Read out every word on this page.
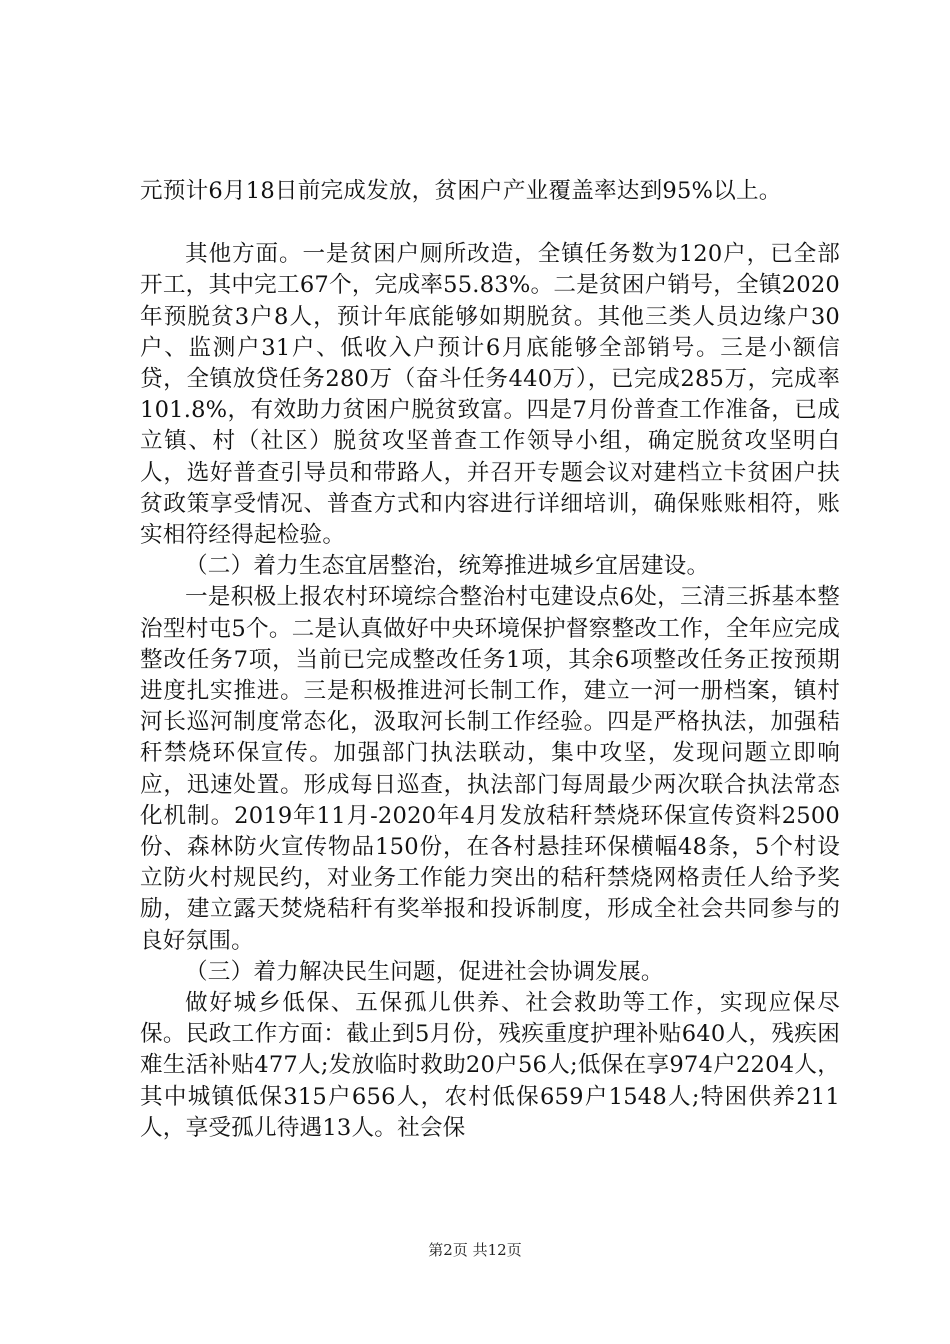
元预计6月18日前完成发放，贫困户产业覆盖率达到95%以上。

其他方面。一是贫困户厕所改造，全镇任务数为120户，已全部开工，其中完工67个，完成率55.83%。二是贫困户销号，全镇2020年预脱贫3户8人，预计年底能够如期脱贫。其他三类人员边缘户30户、监测户31户、低收入户预计6月底能够全部销号。三是小额信贷，全镇放贷任务280万（奋斗任务440万），已完成285万，完成率101.8%，有效助力贫困户脱贫致富。四是7月份普查工作准备，已成立镇、村（社区）脱贫攻坚普查工作领导小组，确定脱贫攻坚明白人，选好普查引导员和带路人，并召开专题会议对建档立卡贫困户扶贫政策享受情况、普查方式和内容进行详细培训，确保账账相符，账实相符经得起检验。

（二）着力生态宜居整治，统筹推进城乡宜居建设。

一是积极上报农村环境综合整治村屯建设点6处，三清三拆基本整治型村屯5个。二是认真做好中央环境保护督察整改工作，全年应完成整改任务7项，当前已完成整改任务1项，其余6项整改任务正按预期进度扎实推进。三是积极推进河长制工作，建立一河一册档案，镇村河长巡河制度常态化，汲取河长制工作经验。四是严格执法，加强秸秆禁烧环保宣传。加强部门执法联动，集中攻坚，发现问题立即响应，迅速处置。形成每日巡查，执法部门每周最少两次联合执法常态化机制。2019年11月-2020年4月发放秸秆禁烧环保宣传资料2500份、森林防火宣传物品150份，在各村悬挂环保横幅48条，5个村设立防火村规民约，对业务工作能力突出的秸秆禁烧网格责任人给予奖励，建立露天焚烧秸秆有奖举报和投诉制度，形成全社会共同参与的良好氛围。

（三）着力解决民生问题，促进社会协调发展。

做好城乡低保、五保孤儿供养、社会救助等工作，实现应保尽保。民政工作方面：截止到5月份，残疾重度护理补贴640人，残疾困难生活补贴477人;发放临时救助20户56人;低保在享974户2204人，其中城镇低保315户656人，农村低保659户1548人;特困供养211人，享受孤儿待遇13人。社会保

第2页 共12页
